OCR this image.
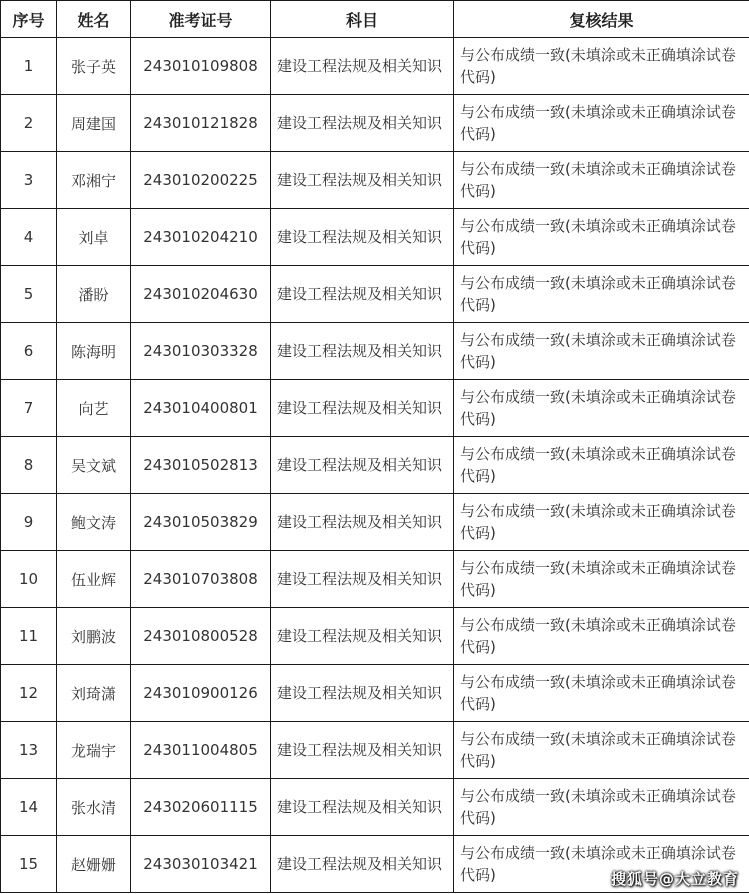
序号	姓名	准考证号	科目	复核结果
1	张子英	243010109808	建设工程法规及相关知识	与公布成绩一致(未填涂或未正确填涂试卷代码)
2	周建国	243010121828	建设工程法规及相关知识	与公布成绩一致(未填涂或未正确填涂试卷代码)
3	邓湘宁	243010200225	建设工程法规及相关知识	与公布成绩一致(未填涂或未正确填涂试卷代码)
4	刘卓	243010204210	建设工程法规及相关知识	与公布成绩一致(未填涂或未正确填涂试卷代码)
5	潘盼	243010204630	建设工程法规及相关知识	与公布成绩一致(未填涂或未正确填涂试卷代码)
6	陈海明	243010303328	建设工程法规及相关知识	与公布成绩一致(未填涂或未正确填涂试卷代码)
7	向艺	243010400801	建设工程法规及相关知识	与公布成绩一致(未填涂或未正确填涂试卷代码)
8	吴文斌	243010502813	建设工程法规及相关知识	与公布成绩一致(未填涂或未正确填涂试卷代码)
9	鲍文涛	243010503829	建设工程法规及相关知识	与公布成绩一致(未填涂或未正确填涂试卷代码)
10	伍业辉	243010703808	建设工程法规及相关知识	与公布成绩一致(未填涂或未正确填涂试卷代码)
11	刘鹏波	243010800528	建设工程法规及相关知识	与公布成绩一致(未填涂或未正确填涂试卷代码)
12	刘琦潇	243010900126	建设工程法规及相关知识	与公布成绩一致(未填涂或未正确填涂试卷代码)
13	龙瑞宇	243011004805	建设工程法规及相关知识	与公布成绩一致(未填涂或未正确填涂试卷代码)
14	张水清	243020601115	建设工程法规及相关知识	与公布成绩一致(未填涂或未正确填涂试卷代码)
15	赵姗姗	243030103421	建设工程法规及相关知识	与公布成绩一致(未填涂或未正确填涂试卷代码)	搜狐号@大立教育
